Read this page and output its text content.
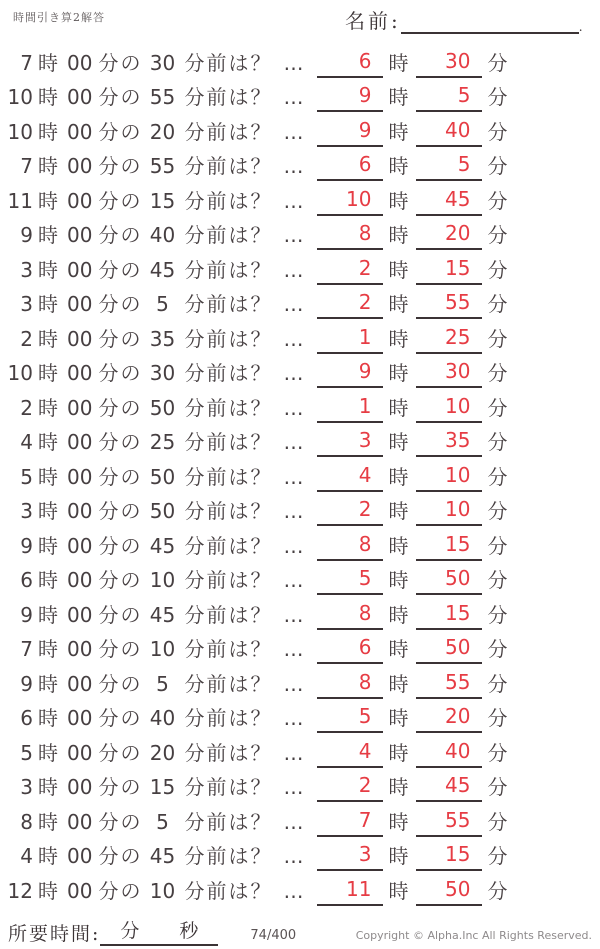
時間引き算2解答	名前:	.
7 時 00 分の 30 分前は？ …	6 時	30 分
10 時 00 分の 55 分前は？ …	9 時	5 分
10 時 00 分の 20 分前は？ …	9 時	40 分
7 時 00 分の 55 分前は？ …	6 時	5 分
11 時 00 分の 15 分前は？ …	10 時	45 分
9 時 00 分の 40 分前は？ …	8 時	20 分
3 時 00 分の 45 分前は？ …	2 時	15 分
3 時 00 分の 5 分前は？ …	2 時	55 分
2 時 00 分の 35 分前は？ …	1 時	25 分
10 時 00 分の 30 分前は？ …	9 時	30 分
2 時 00 分の 50 分前は？ …	1 時	10 分
4 時 00 分の 25 分前は？ …	3 時	35 分
5 時 00 分の 50 分前は？ …	4 時	10 分
3 時 00 分の 50 分前は？ …	2 時	10 分
9 時 00 分の 45 分前は？ …	8 時	15 分
6 時 00 分の 10 分前は？ …	5 時	50 分
9 時 00 分の 45 分前は？ …	8 時	15 分
7 時 00 分の 10 分前は？ …	6 時	50 分
9 時 00 分の 5 分前は？ …	8 時	55 分
6 時 00 分の 40 分前は？ …	5 時	20 分
5 時 00 分の 20 分前は？ …	4 時	40 分
3 時 00 分の 15 分前は？ …	2 時	45 分
8 時 00 分の 5 分前は？ …	7 時	55 分
4 時 00 分の 45 分前は？ …	3 時	15 分
12 時 00 分の 10 分前は？ …	11 時	50 分
所要時間: 分 秒	74/400	Copyright © Alpha.Inc All Rights Reserved.
